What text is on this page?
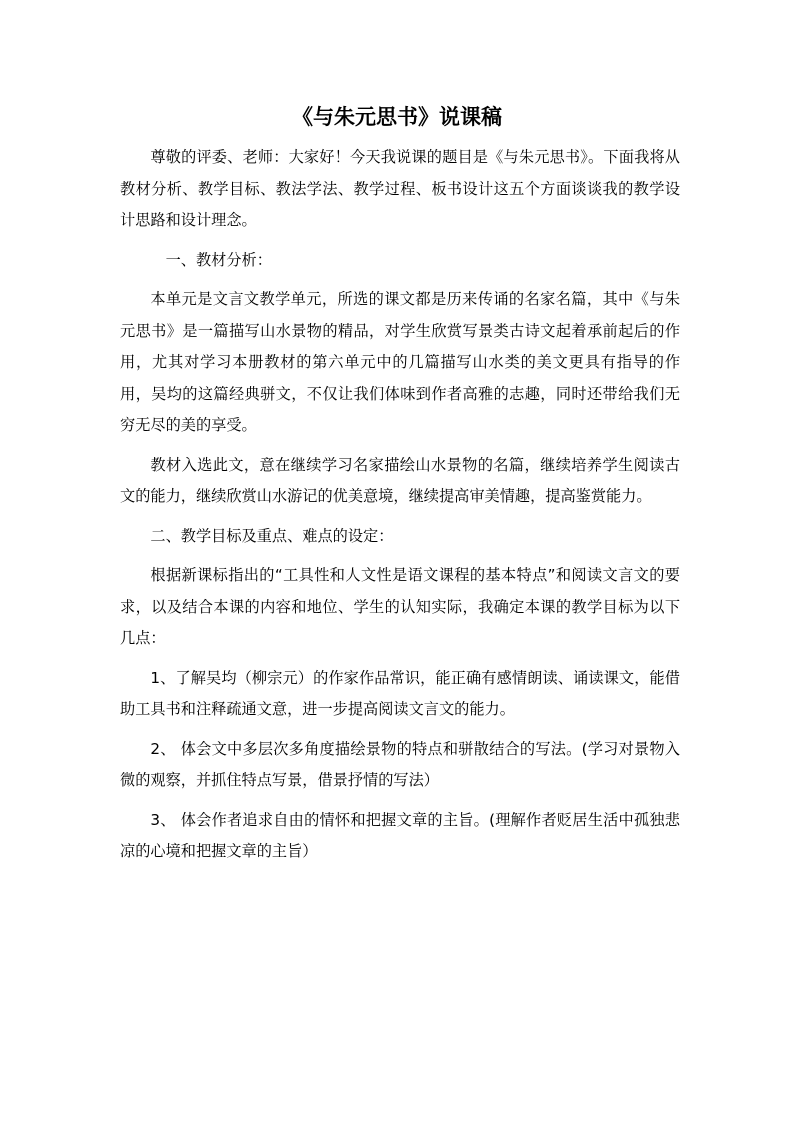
《与朱元思书》说课稿

尊敬的评委、老师：大家好！今天我说课的题目是《与朱元思书》。下面我将从教材分析、教学目标、教法学法、教学过程、板书设计这五个方面谈谈我的教学设计思路和设计理念。

一、教材分析：

本单元是文言文教学单元，所选的课文都是历来传诵的名家名篇，其中《与朱元思书》是一篇描写山水景物的精品，对学生欣赏写景类古诗文起着承前起后的作用，尤其对学习本册教材的第六单元中的几篇描写山水类的美文更具有指导的作用，吴均的这篇经典骈文，不仅让我们体味到作者高雅的志趣，同时还带给我们无穷无尽的美的享受。

教材入选此文，意在继续学习名家描绘山水景物的名篇，继续培养学生阅读古文的能力，继续欣赏山水游记的优美意境，继续提高审美情趣，提高鉴赏能力。

二、教学目标及重点、难点的设定：

根据新课标指出的“工具性和人文性是语文课程的基本特点”和阅读文言文的要求，以及结合本课的内容和地位、学生的认知实际，我确定本课的教学目标为以下几点：

1、了解吴均（柳宗元）的作家作品常识，能正确有感情朗读、诵读课文，能借助工具书和注释疏通文意，进一步提高阅读文言文的能力。

2、 体会文中多层次多角度描绘景物的特点和骈散结合的写法。(学习对景物入微的观察，并抓住特点写景，借景抒情的写法）

3、 体会作者追求自由的情怀和把握文章的主旨。(理解作者贬居生活中孤独悲凉的心境和把握文章的主旨）
